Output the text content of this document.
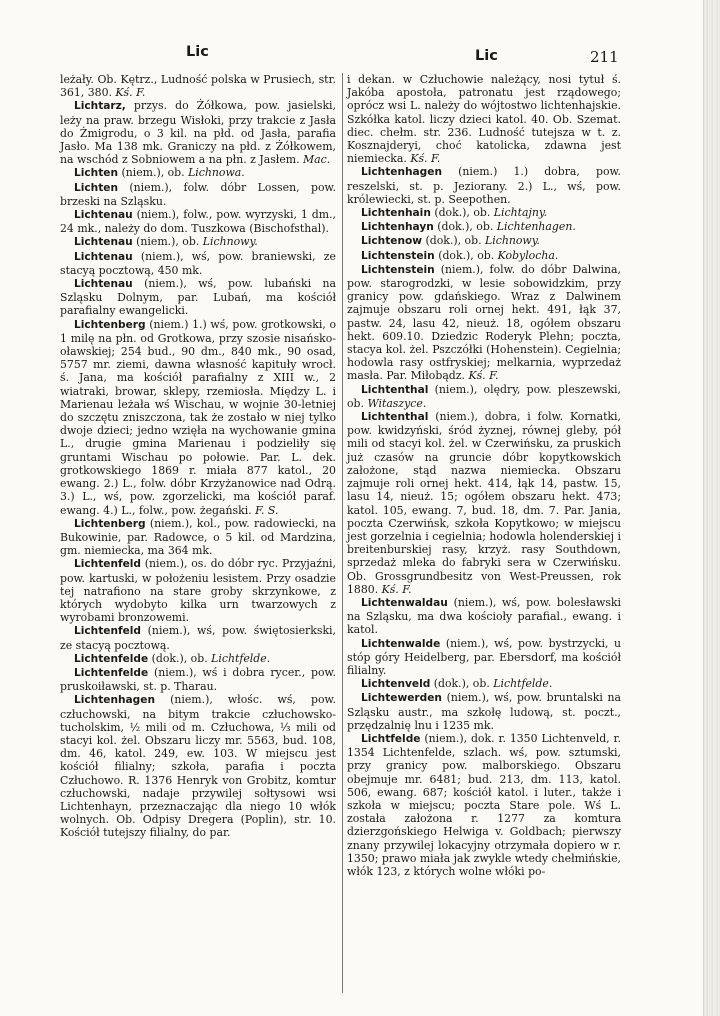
Lic	Lic	211

leżały. Ob. Kętrz., Ludność polska w Prusiech, str. 361, 380. Kś. F.

Lichtarz, przys. do Żółkowa, pow. jasielski, leży na praw. brzegu Wisłoki, przy trakcie z Jasła do Żmigrodu, o 3 kil. na płd. od Jasła, parafia Jasło. Ma 138 mk. Graniczy na płd. z Żółkowem, na wschód z Sobniowem a na płn. z Jasłem. Mac.

Lichten (niem.), ob. Lichnowa.

Lichten (niem.), folw. dóbr Lossen, pow. brzeski na Szląsku.

Lichtenau (niem.), folw., pow. wyrzyski, 1 dm., 24 mk., należy do dom. Tuszkowa (Bischofsthal).

Lichtenau (niem.), ob. Lichnowy.

Lichtenau (niem.), wś, pow. braniewski, ze stacyą pocztową, 450 mk.

Lichtenau (niem.), wś, pow. lubański na Szląsku Dolnym, par. Lubań, ma kościół parafialny ewangelicki.

Lichtenberg (niem.) 1.) wś, pow. grotkowski, o 1 milę na płn. od Grotkowa, przy szosie nisańsko-oławskiej; 254 bud., 90 dm., 840 mk., 90 osad, 5757 mr. ziemi, dawna własność kapituły wrocł. ś. Jana, ma kościół parafialny z XIII w., 2 wiatraki, browar, sklepy, rzemiosła. Między L. i Marienau leżała wś Wischau, w wojnie 30-letniej do szczętu zniszczona, tak że zostało w niej tylko dwoje dzieci; jedno wzięła na wychowanie gmina L., drugie gmina Marienau i podzieliły się gruntami Wischau po połowie. Par. L. dek. grotkowskiego 1869 r. miała 877 katol., 20 ewang. 2.) L., folw. dóbr Krzyżanowice nad Odrą. 3.) L., wś, pow. zgorzelicki, ma kościół paraf. ewang. 4.) L., folw., pow. żegański. F. S.

Lichtenberg (niem.), kol., pow. radowiecki, na Bukowinie, par. Radowce, o 5 kil. od Mardzina, gm. niemiecka, ma 364 mk.

Lichtenfeld (niem.), os. do dóbr ryc. Przyjaźni, pow. kartuski, w położeniu lesistem. Przy osadzie tej natrafiono na stare groby skrzynkowe, z których wydobyto kilka urn twarzowych z wyrobami bronzowemi.

Lichtenfeld (niem.), wś, pow. świętosierkski, ze stacyą pocztową.

Lichtenfelde (dok.), ob. Lichtfelde.

Lichtenfelde (niem.), wś i dobra rycer., pow. pruskoiławski, st. p. Tharau.

Lichtenhagen (niem.), włośc. wś, pow. człuchowski, na bitym trakcie człuchowsko-tucholskim, ½ mili od m. Człuchowa, ⅓ mili od stacyi kol. żel. Obszaru liczy mr. 5563, bud. 108, dm. 46, katol. 249, ew. 103. W miejscu jest kościół filialny; szkoła, parafia i poczta Człuchowo. R. 1376 Henryk von Grobitz, komtur człuchowski, nadaje przywilej sołtysowi wsi Lichtenhayn, przeznaczając dla niego 10 włók wolnych. Ob. Odpisy Dregera (Poplin), str. 10. Kościół tutejszy filialny, do par.

i dekan. w Człuchowie należący, nosi tytuł ś. Jakóba apostoła, patronatu jest rządowego; oprócz wsi L. należy do wójtostwo lichtenhajskie. Szkółka katol. liczy dzieci katol. 40. Ob. Szemat. diec. chełm. str. 236. Ludność tutejsza w t. z. Kosznajderyi, choć katolicka, zdawna jest niemiecka. Kś. F.

Lichtenhagen (niem.) 1.) dobra, pow. reszelski, st. p. Jeziorany. 2.) L., wś, pow. królewiecki, st. p. Seepothen.

Lichtenhain (dok.), ob. Lichtajny.

Lichtenhayn (dok.), ob. Lichtenhagen.

Lichtenow (dok.), ob. Lichnowy.

Lichtenstein (dok.), ob. Kobylocha.

Lichtenstein (niem.), folw. do dóbr Dalwina, pow. starogrodzki, w lesie sobowidzkim, przy granicy pow. gdańskiego. Wraz z Dalwinem zajmuje obszaru roli ornej hekt. 491, łąk 37, pastw. 24, lasu 42, nieuż. 18, ogółem obszaru hekt. 609.10. Dziedzic Roderyk Plehn; poczta, stacya kol. żel. Pszczółki (Hohenstein). Cegielnia; hodowla rasy ostfryskiej; melkarnia, wyprzedaż masła. Par. Miłobądz. Kś. F.

Lichtenthal (niem.), olędry, pow. pleszewski, ob. Witaszyce.

Lichtenthal (niem.), dobra, i folw. Kornatki, pow. kwidzyński, śród żyznej, równej gleby, pół mili od stacyi kol. żel. w Czerwińsku, za pruskich już czasów na gruncie dóbr kopytkowskich założone, stąd nazwa niemiecka. Obszaru zajmuje roli ornej hekt. 414, łąk 14, pastw. 15, lasu 14, nieuż. 15; ogółem obszaru hekt. 473; katol. 105, ewang. 7, bud. 18, dm. 7. Par. Jania, poczta Czerwińsk, szkoła Kopytkowo; w miejscu jest gorzelnia i cegielnia; hodowla holenderskiej i breitenburskiej rasy, krzyż. rasy Southdown, sprzedaż mleka do fabryki sera w Czerwińsku. Ob. Grossgrundbesitz von West-Preussen, rok 1880. Kś. F.

Lichtenwaldau (niem.), wś, pow. bolesławski na Szląsku, ma dwa kościoły parafial., ewang. i katol.

Lichtenwalde (niem.), wś, pow. bystrzycki, u stóp góry Heidelberg, par. Ebersdorf, ma kościół filialny.

Lichtenveld (dok.), ob. Lichtfelde.

Lichtewerden (niem.), wś, pow. bruntalski na Szląsku austr., ma szkołę ludową, st. poczt., przędzalnię lnu i 1235 mk.

Lichtfelde (niem.), dok. r. 1350 Lichtenveld, r. 1354 Lichtenfelde, szlach. wś, pow. sztumski, przy granicy pow. malborskiego. Obszaru obejmuje mr. 6481; bud. 213, dm. 113, katol. 506, ewang. 687; kościół katol. i luter., także i szkoła w miejscu; poczta Stare pole. Wś L. została założona r. 1277 za komtura dzierzgońskiego Helwiga v. Goldbach; pierwszy znany przywilej lokacyjny otrzymała dopiero w r. 1350; prawo miała jak zwykle wtedy chełmińskie, włók 123, z których wolne włóki po-
